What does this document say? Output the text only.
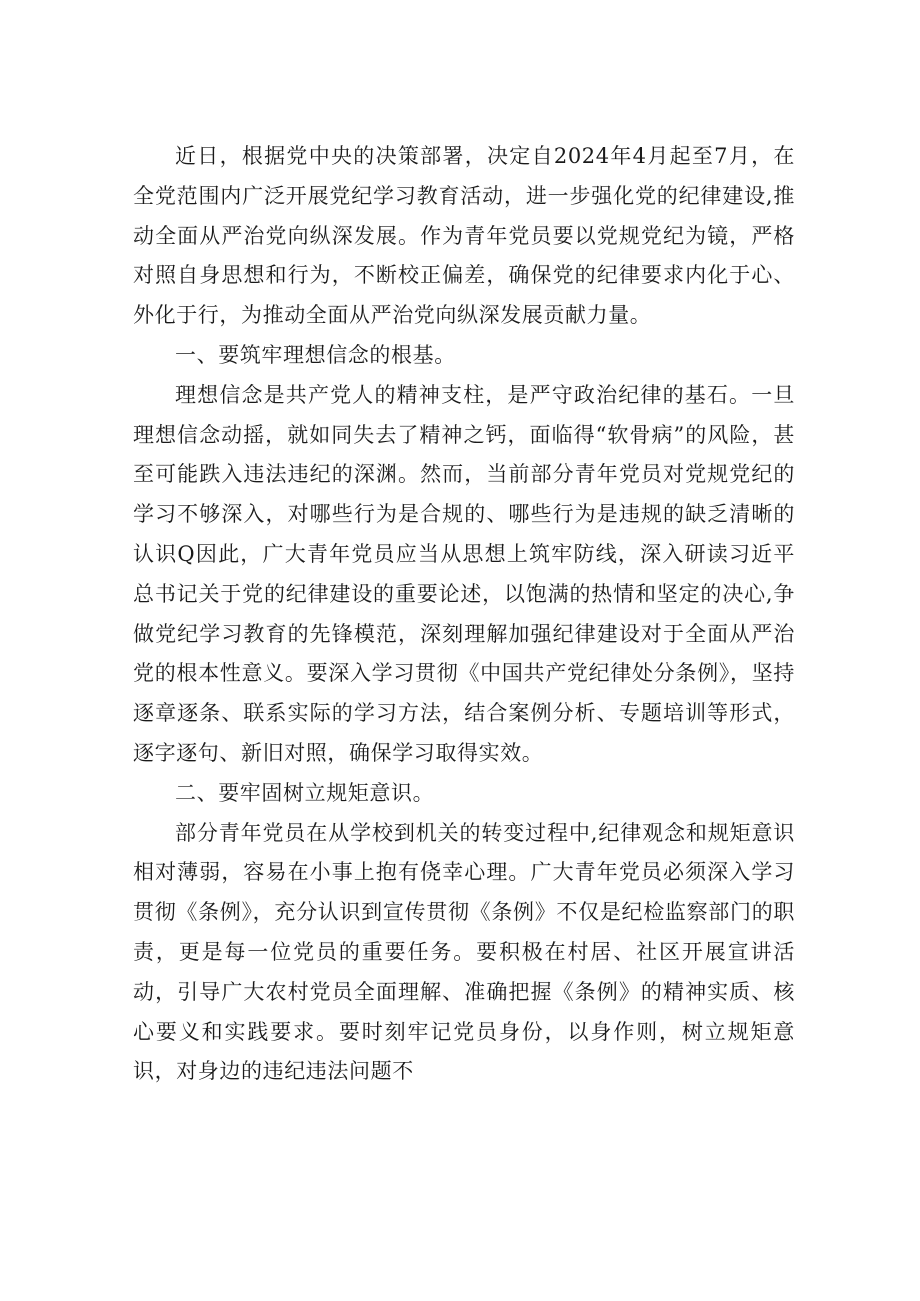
近日，根据党中央的决策部署，决定自2024年4月起至7月，在全党范围内广泛开展党纪学习教育活动，进一步强化党的纪律建设,推动全面从严治党向纵深发展。作为青年党员要以党规党纪为镜，严格对照自身思想和行为，不断校正偏差，确保党的纪律要求内化于心、外化于行，为推动全面从严治党向纵深发展贡献力量。

一、要筑牢理想信念的根基。

理想信念是共产党人的精神支柱，是严守政治纪律的基石。一旦理想信念动摇，就如同失去了精神之钙，面临得“软骨病”的风险，甚至可能跌入违法违纪的深渊。然而，当前部分青年党员对党规党纪的学习不够深入，对哪些行为是合规的、哪些行为是违规的缺乏清晰的认识Q因此，广大青年党员应当从思想上筑牢防线，深入研读习近平总书记关于党的纪律建设的重要论述，以饱满的热情和坚定的决心,争做党纪学习教育的先锋模范，深刻理解加强纪律建设对于全面从严治党的根本性意义。要深入学习贯彻《中国共产党纪律处分条例》，坚持逐章逐条、联系实际的学习方法，结合案例分析、专题培训等形式，逐字逐句、新旧对照，确保学习取得实效。

二、要牢固树立规矩意识。

部分青年党员在从学校到机关的转变过程中,纪律观念和规矩意识相对薄弱，容易在小事上抱有侥幸心理。广大青年党员必须深入学习贯彻《条例》，充分认识到宣传贯彻《条例》不仅是纪检监察部门的职责，更是每一位党员的重要任务。要积极在村居、社区开展宣讲活动，引导广大农村党员全面理解、准确把握《条例》的精神实质、核心要义和实践要求。要时刻牢记党员身份，以身作则，树立规矩意识，对身边的违纪违法问题不
